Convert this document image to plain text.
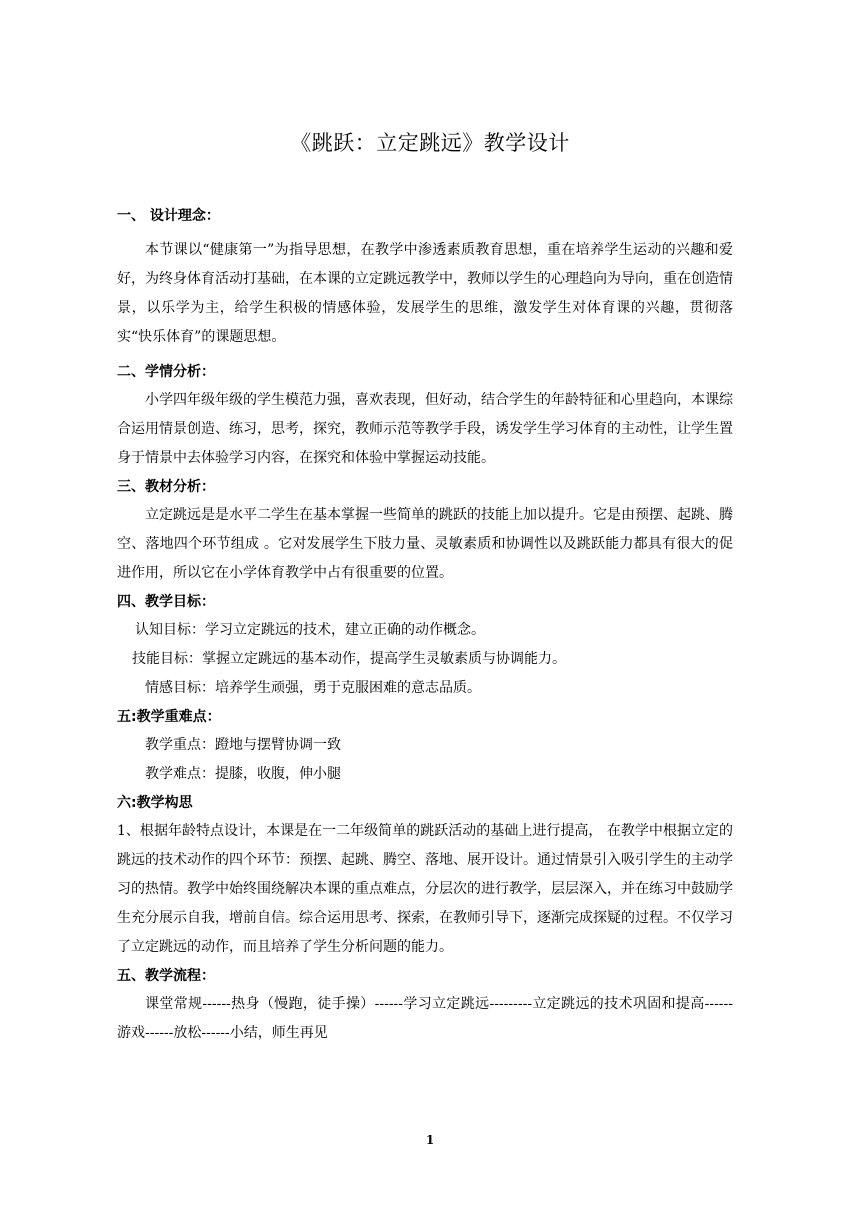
《跳跃：立定跳远》教学设计
一、 设计理念：

本节课以“健康第一”为指导思想，在教学中渗透素质教育思想，重在培养学生运动的兴趣和爱好，为终身体育活动打基础，在本课的立定跳远教学中，教师以学生的心理趋向为导向，重在创造情景，以乐学为主，给学生积极的情感体验，发展学生的思维，激发学生对体育课的兴趣，贯彻落实“快乐体育”的课题思想。

二、学情分析：

小学四年级年级的学生模范力强，喜欢表现，但好动，结合学生的年龄特征和心里趋向，本课综合运用情景创造、练习，思考，探究，教师示范等教学手段，诱发学生学习体育的主动性，让学生置身于情景中去体验学习内容，在探究和体验中掌握运动技能。

三、教材分析：

立定跳远是是水平二学生在基本掌握一些简单的跳跃的技能上加以提升。它是由预摆、起跳、腾空、落地四个环节组成 。它对发展学生下肢力量、灵敏素质和协调性以及跳跃能力都具有很大的促进作用，所以它在小学体育教学中占有很重要的位置。

四、教学目标：
认知目标：学习立定跳远的技术，建立正确的动作概念。
技能目标：掌握立定跳远的基本动作，提高学生灵敏素质与协调能力。
情感目标：培养学生顽强，勇于克服困难的意志品质。
五:教学重难点：
教学重点：蹬地与摆臂协调一致
教学难点：提膝，收腹，伸小腿
六:教学构思

1、根据年龄特点设计，本课是在一二年级简单的跳跃活动的基础上进行提高， 在教学中根据立定的跳远的技术动作的四个环节：预摆、起跳、腾空、落地、展开设计。通过情景引入吸引学生的主动学习的热情。教学中始终围绕解决本课的重点难点，分层次的进行教学，层层深入，并在练习中鼓励学生充分展示自我，增前自信。综合运用思考、探索，在教师引导下，逐渐完成探疑的过程。不仅学习了立定跳远的动作，而且培养了学生分析问题的能力。

五、教学流程：

课堂常规------热身（慢跑，徒手操）------学习立定跳远---------立定跳远的技术巩固和提高------游戏------放松------小结，师生再见

1
